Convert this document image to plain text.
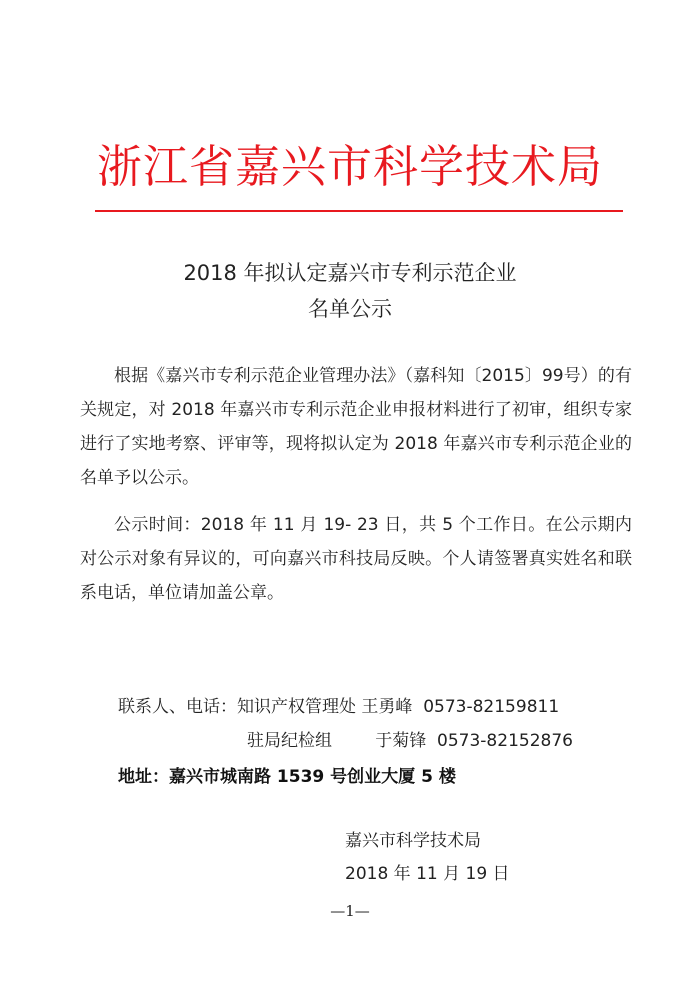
浙江省嘉兴市科学技术局
2018 年拟认定嘉兴市专利示范企业
名单公示

根据《嘉兴市专利示范企业管理办法》（嘉科知〔2015〕99号）的有关规定，对 2018 年嘉兴市专利示范企业申报材料进行了初审，组织专家进行了实地考察、评审等，现将拟认定为 2018 年嘉兴市专利示范企业的名单予以公示。

公示时间：2018 年 11 月 19- 23 日，共 5 个工作日。在公示期内对公示对象有异议的，可向嘉兴市科技局反映。个人请签署真实姓名和联系电话，单位请加盖公章。

联系人、电话：知识产权管理处 王勇峰  0573-82159811
驻局纪检组        于菊锋  0573-82152876
地址：嘉兴市城南路 1539 号创业大厦 5 楼
嘉兴市科学技术局
2018 年 11 月 19 日
—1—
